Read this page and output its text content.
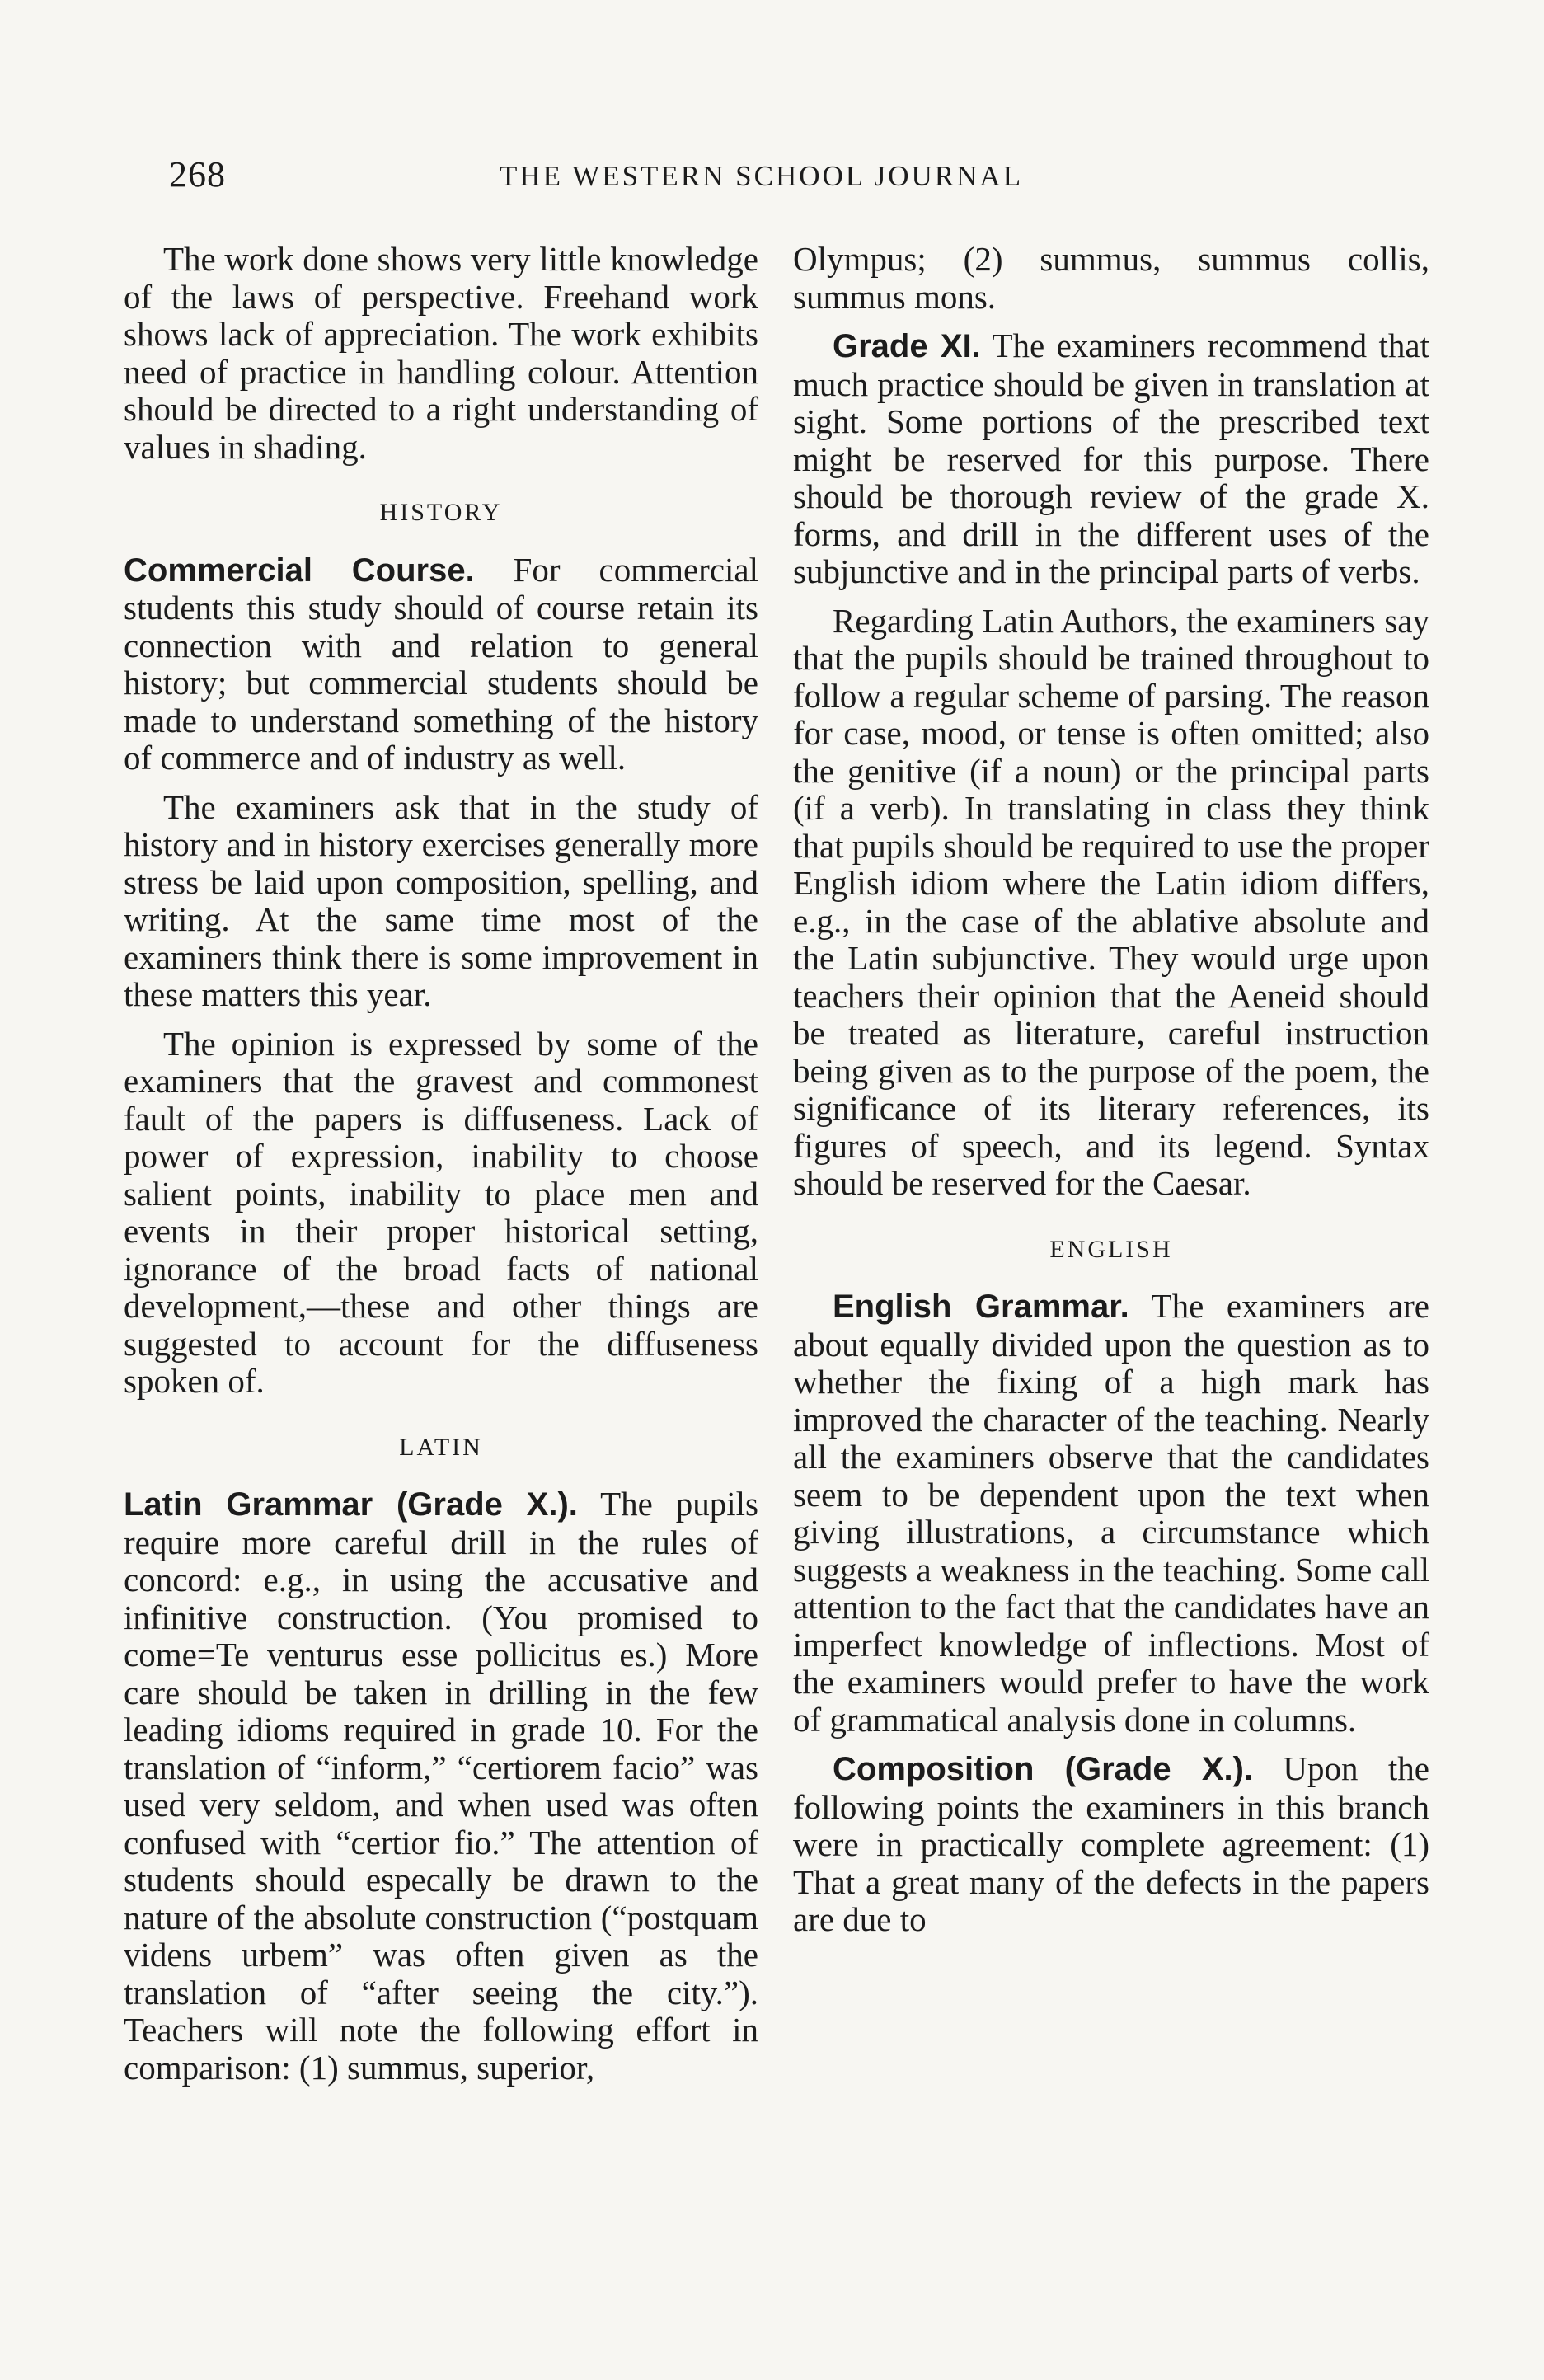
268	THE WESTERN SCHOOL JOURNAL

The work done shows very little knowledge of the laws of perspective. Freehand work shows lack of appreciation. The work exhibits need of practice in handling colour. Attention should be directed to a right understanding of values in shading.

HISTORY

Commercial Course. For commercial students this study should of course retain its connection with and relation to general history; but commercial students should be made to understand something of the history of commerce and of industry as well.

The examiners ask that in the study of history and in history exercises generally more stress be laid upon composition, spelling, and writing. At the same time most of the examiners think there is some improvement in these matters this year.

The opinion is expressed by some of the examiners that the gravest and commonest fault of the papers is diffuseness. Lack of power of expression, inability to choose salient points, inability to place men and events in their proper historical setting, ignorance of the broad facts of national development,—these and other things are suggested to account for the diffuseness spoken of.

LATIN

Latin Grammar (Grade X.). The pupils require more careful drill in the rules of concord: e.g., in using the accusative and infinitive construction. (You promised to come=Te venturus esse pollicitus es.) More care should be taken in drilling in the few leading idioms required in grade 10. For the translation of “inform,” “certiorem facio” was used very seldom, and when used was often confused with “certior fio.” The attention of students should especally be drawn to the nature of the absolute construction (“postquam videns urbem” was often given as the translation of “after seeing the city.”). Teachers will note the following effort in comparison: (1) summus, superior,

Olympus; (2) summus, summus collis, summus mons.

Grade XI. The examiners recommend that much practice should be given in translation at sight. Some portions of the prescribed text might be reserved for this purpose. There should be thorough review of the grade X. forms, and drill in the different uses of the subjunctive and in the principal parts of verbs.

Regarding Latin Authors, the examiners say that the pupils should be trained throughout to follow a regular scheme of parsing. The reason for case, mood, or tense is often omitted; also the genitive (if a noun) or the principal parts (if a verb). In translating in class they think that pupils should be required to use the proper English idiom where the Latin idiom differs, e.g., in the case of the ablative absolute and the Latin subjunctive. They would urge upon teachers their opinion that the Aeneid should be treated as literature, careful instruction being given as to the purpose of the poem, the significance of its literary references, its figures of speech, and its legend. Syntax should be reserved for the Caesar.

ENGLISH

English Grammar. The examiners are about equally divided upon the question as to whether the fixing of a high mark has improved the character of the teaching. Nearly all the examiners observe that the candidates seem to be dependent upon the text when giving illustrations, a circumstance which suggests a weakness in the teaching. Some call attention to the fact that the candidates have an imperfect knowledge of inflections. Most of the examiners would prefer to have the work of grammatical analysis done in columns.

Composition (Grade X.). Upon the following points the examiners in this branch were in practically complete agreement: (1) That a great many of the defects in the papers are due to
